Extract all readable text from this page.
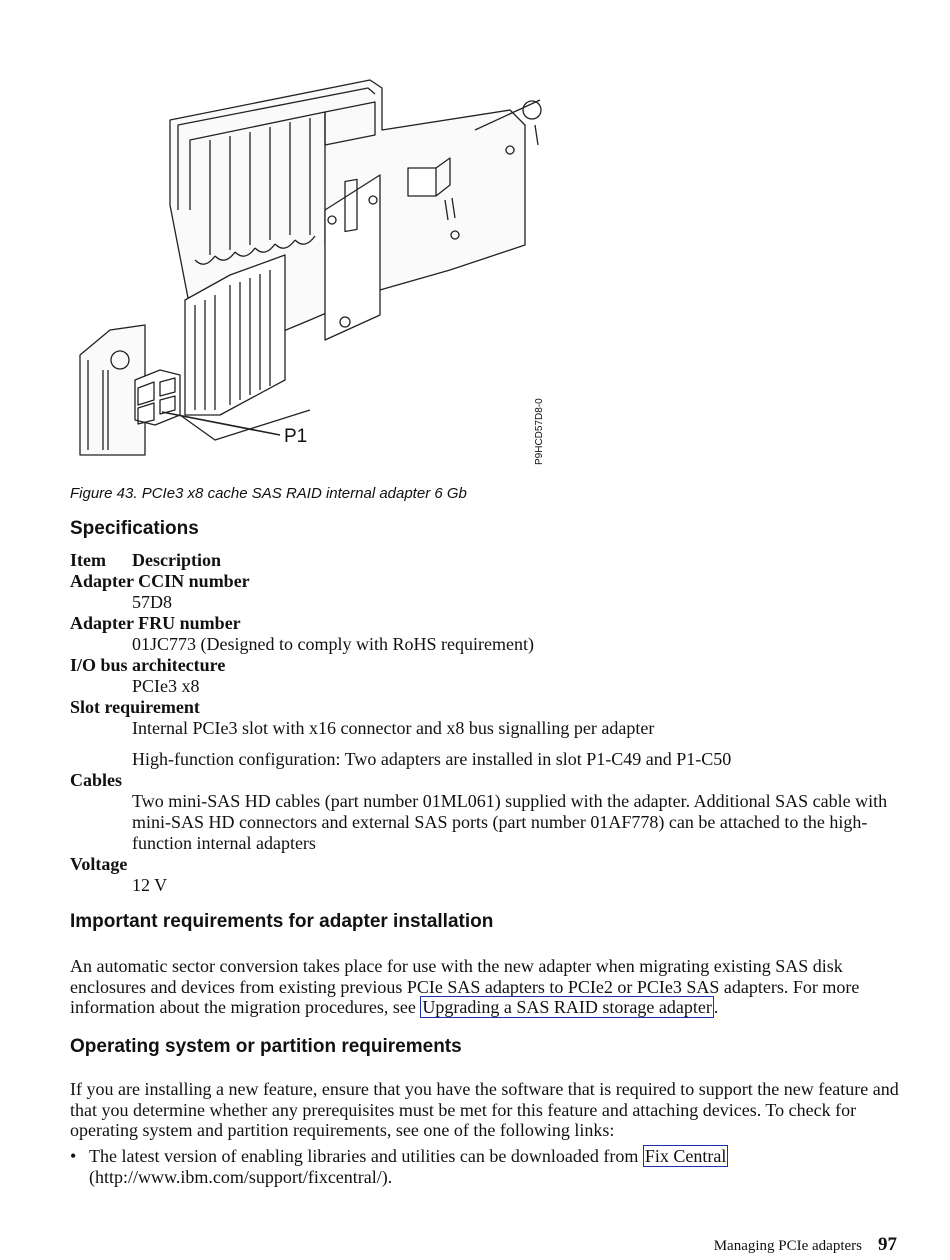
P1	P9HCD57D8-0
Figure 43. PCIe3 x8 cache SAS RAID internal adapter 6 Gb
Specifications
Item	Description
Adapter CCIN number
57D8
Adapter FRU number
01JC773 (Designed to comply with RoHS requirement)
I/O bus architecture
PCIe3 x8
Slot requirement
Internal PCIe3 slot with x16 connector and x8 bus signalling per adapter
High-function configuration: Two adapters are installed in slot P1-C49 and P1-C50
Cables
Two mini-SAS HD cables (part number 01ML061) supplied with the adapter. Additional SAS cable with mini-SAS HD connectors and external SAS ports (part number 01AF778) can be attached to the high-function internal adapters
Voltage
12 V
Important requirements for adapter installation
An automatic sector conversion takes place for use with the new adapter when migrating existing SAS disk enclosures and devices from existing previous PCIe SAS adapters to PCIe2 or PCIe3 SAS adapters. For more information about the migration procedures, see Upgrading a SAS RAID storage adapter .
Operating system or partition requirements
If you are installing a new feature, ensure that you have the software that is required to support the new feature and that you determine whether any prerequisites must be met for this feature and attaching devices. To check for operating system and partition requirements, see one of the following links:
• The latest version of enabling libraries and utilities can be downloaded from Fix Central
(http://www.ibm.com/support/fixcentral/).
Managing PCIe adapters 97
